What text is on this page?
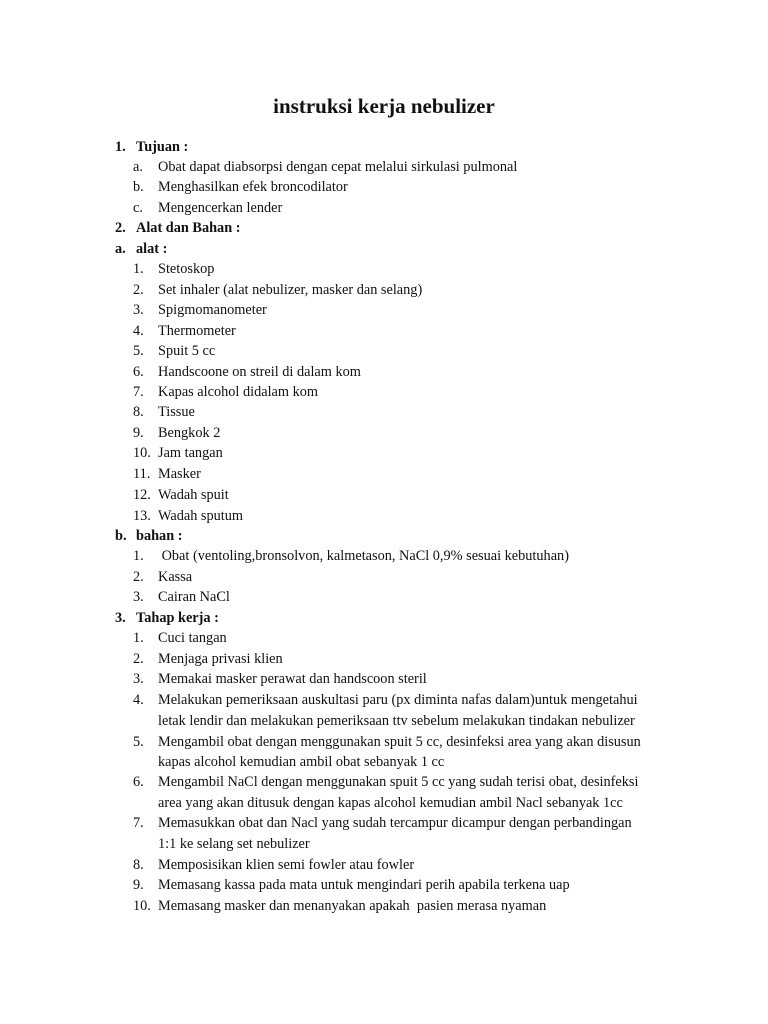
instruksi kerja nebulizer
1. Tujuan :
a. Obat dapat diabsorpsi dengan cepat melalui sirkulasi pulmonal
b. Menghasilkan efek broncodilator
c. Mengencerkan lender
2. Alat dan Bahan :
a. alat :
1. Stetoskop
2. Set inhaler (alat nebulizer, masker dan selang)
3. Spigmomanometer
4. Thermometer
5. Spuit 5 cc
6. Handscoone on streil di dalam kom
7. Kapas alcohol didalam kom
8. Tissue
9. Bengkok 2
10. Jam tangan
11. Masker
12. Wadah spuit
13. Wadah sputum
b. bahan :
1. Obat (ventoling,bronsolvon, kalmetason, NaCl 0,9% sesuai kebutuhan)
2. Kassa
3. Cairan NaCl
3. Tahap kerja :
1. Cuci tangan
2. Menjaga privasi klien
3. Memakai masker perawat dan handscoon steril
4. Melakukan pemeriksaan auskultasi paru (px diminta nafas dalam)untuk mengetahui
letak lendir dan melakukan pemeriksaan ttv sebelum melakukan tindakan nebulizer
5. Mengambil obat dengan menggunakan spuit 5 cc, desinfeksi area yang akan disusun
kapas alcohol kemudian ambil obat sebanyak 1 cc
6. Mengambil NaCl dengan menggunakan spuit 5 cc yang sudah terisi obat, desinfeksi
area yang akan ditusuk dengan kapas alcohol kemudian ambil Nacl sebanyak 1cc
7. Memasukkan obat dan Nacl yang sudah tercampur dicampur dengan perbandingan
1:1 ke selang set nebulizer
8. Memposisikan klien semi fowler atau fowler
9. Memasang kassa pada mata untuk mengindari perih apabila terkena uap
10. Memasang masker dan menanyakan apakah  pasien merasa nyaman
